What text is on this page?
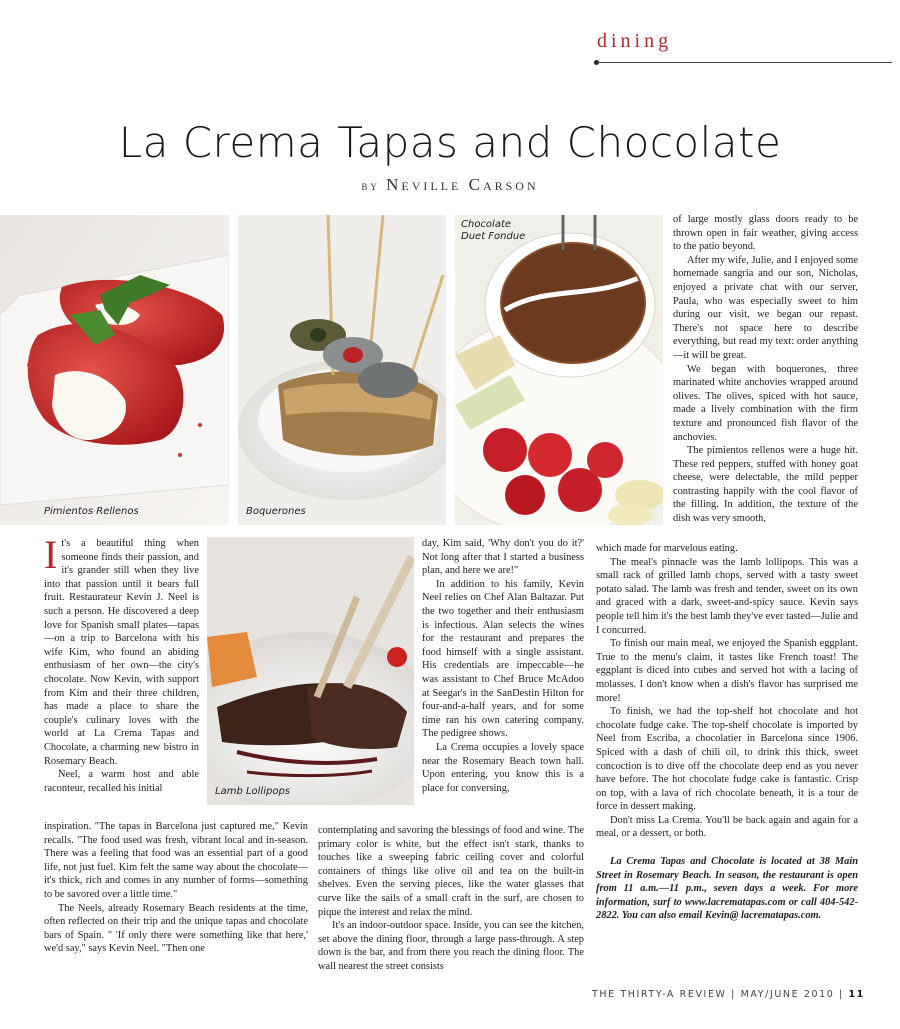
dining
La Crema Tapas and Chocolate
by Neville Carson
Pimientos Rellenos	Boquerones
Chocolate
Duet Fondue
Lamb Lollipops

It's a beautiful thing when someone finds their passion, and it's grander still when they live into that passion until it bears full fruit. Restaurateur Kevin J. Neel is such a person. He discovered a deep love for Spanish small plates—tapas—on a trip to Barcelona with his wife Kim, who found an abiding enthusiasm of her own—the city's chocolate. Now Kevin, with support from Kim and their three children, has made a place to share the couple's culinary loves with the world at La Crema Tapas and Chocolate, a charming new bistro in Rosemary Beach.

Neel, a warm host and able raconteur, recalled his initial

inspiration. "The tapas in Barcelona just captured me," Kevin recalls. "The food used was fresh, vibrant local and in-season. There was a feeling that food was an essential part of a good life, not just fuel. Kim felt the same way about the chocolate—it's thick, rich and comes in any number of forms—something to be savored over a little time."

The Neels, already Rosemary Beach residents at the time, often reflected on their trip and the unique tapas and chocolate bars of Spain. " 'If only there were something like that here,' we'd say," says Kevin Neel. "Then one

day, Kim said, 'Why don't you do it?' Not long after that I started a business plan, and here we are!"

In addition to his family, Kevin Neel relies on Chef Alan Baltazar. Put the two together and their enthusiasm is infectious. Alan selects the wines for the restaurant and prepares the food himself with a single assistant. His credentials are impeccable—he was assistant to Chef Bruce McAdoo at Seegar's in the SanDestin Hilton for four-and-a-half years, and for some time ran his own catering company. The pedigree shows.

La Crema occupies a lovely space near the Rosemary Beach town hall. Upon entering, you know this is a place for conversing,

contemplating and savoring the blessings of food and wine. The primary color is white, but the effect isn't stark, thanks to touches like a sweeping fabric ceiling cover and colorful containers of things like olive oil and tea on the built-in shelves. Even the serving pieces, like the water glasses that curve like the sails of a small craft in the surf, are chosen to pique the interest and relax the mind.

It's an indoor-outdoor space. Inside, you can see the kitchen, set above the dining floor, through a large pass-through. A step down is the bar, and from there you reach the dining floor. The wall nearest the street consists

of large mostly glass doors ready to be thrown open in fair weather, giving access to the patio beyond.

After my wife, Julie, and I enjoyed some homemade sangria and our son, Nicholas, enjoyed a private chat with our server, Paula, who was especially sweet to him during our visit, we began our repast. There's not space here to describe everything, but read my text: order anything—it will be great.

We began with boquerones, three marinated white anchovies wrapped around olives. The olives, spiced with hot sauce, made a lively combination with the firm texture and pronounced fish flavor of the anchovies.

The pimientos rellenos were a huge hit. These red peppers, stuffed with honey goat cheese, were delectable, the mild pepper contrasting happily with the cool flavor of the filling. In addition, the texture of the dish was very smooth,

which made for marvelous eating.

The meal's pinnacle was the lamb lollipops. This was a small rack of grilled lamb chops, served with a tasty sweet potato salad. The lamb was fresh and tender, sweet on its own and graced with a dark, sweet-and-spicy sauce. Kevin says people tell him it's the best lamb they've ever tasted—Julie and I concurred.

To finish our main meal, we enjoyed the Spanish eggplant. True to the menu's claim, it tastes like French toast! The eggplant is diced into cubes and served hot with a lacing of molasses. I don't know when a dish's flavor has surprised me more!

To finish, we had the top-shelf hot chocolate and hot chocolate fudge cake. The top-shelf chocolate is imported by Neel from Escriba, a chocolatier in Barcelona since 1906. Spiced with a dash of chili oil, to drink this thick, sweet concoction is to dive off the chocolate deep end as you never have before. The hot chocolate fudge cake is fantastic. Crisp on top, with a lava of rich chocolate beneath, it is a tour de force in dessert making.

Don't miss La Crema. You'll be back again and again for a meal, or a dessert, or both.

La Crema Tapas and Chocolate is located at 38 Main Street in Rosemary Beach. In season, the restaurant is open from 11 a.m.—11 p.m., seven days a week. For more information, surf to www.lacrematapas.com or call 404-542-2822. You can also email Kevin@ lacrematapas.com.

THE THIRTY-A REVIEW | MAY/JUNE 2010 | 11
